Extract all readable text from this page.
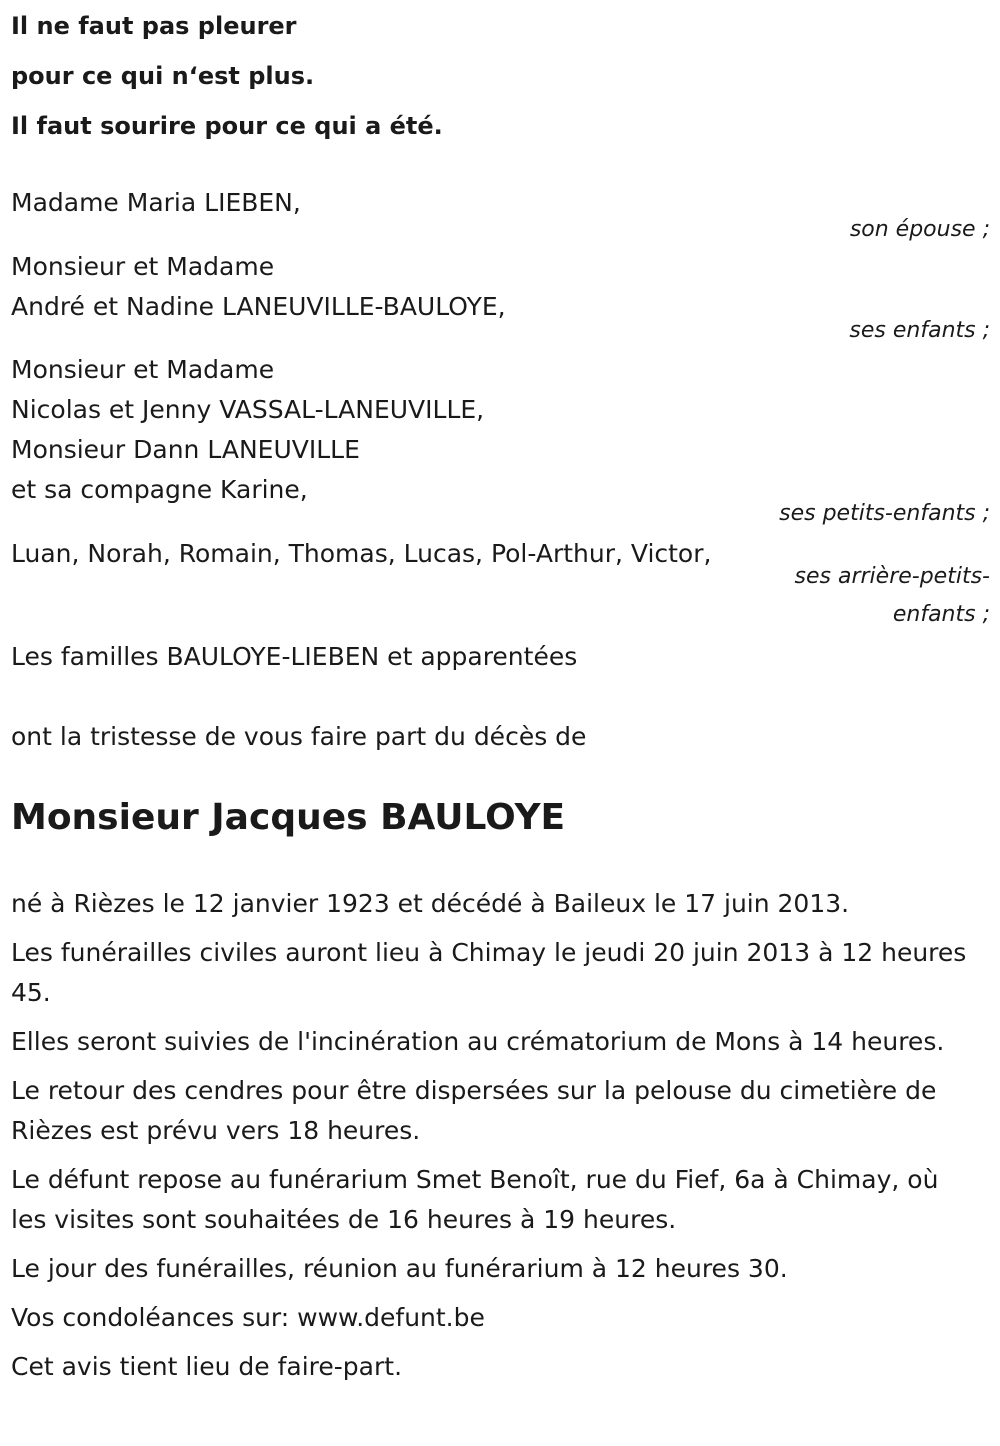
Il ne faut pas pleurer
pour ce qui n‘est plus.
Il faut sourire pour ce qui a été.
Madame Maria LIEBEN,
son épouse ;
Monsieur et Madame
André et Nadine LANEUVILLE-BAULOYE,
ses enfants ;
Monsieur et Madame
Nicolas et Jenny VASSAL-LANEUVILLE,
Monsieur Dann LANEUVILLE
et sa compagne Karine,
ses petits-enfants ;
Luan, Norah, Romain, Thomas, Lucas, Pol-Arthur, Victor,
ses arrière-petits-
enfants ;
Les familles BAULOYE-LIEBEN et apparentées
ont la tristesse de vous faire part du décès de
Monsieur Jacques BAULOYE

né à Rièzes le 12 janvier 1923 et décédé à Baileux le 17 juin 2013.

Les funérailles civiles auront lieu à Chimay le jeudi 20 juin 2013 à 12 heures 45.

Elles seront suivies de l'incinération au crématorium de Mons à 14 heures.

Le retour des cendres pour être dispersées sur la pelouse du cimetière de Rièzes est prévu vers 18 heures.

Le défunt repose au funérarium Smet Benoît, rue du Fief, 6a à Chimay, où les visites sont souhaitées de 16 heures à 19 heures.

Le jour des funérailles, réunion au funérarium à 12 heures 30.

Vos condoléances sur: www.defunt.be

Cet avis tient lieu de faire-part.
